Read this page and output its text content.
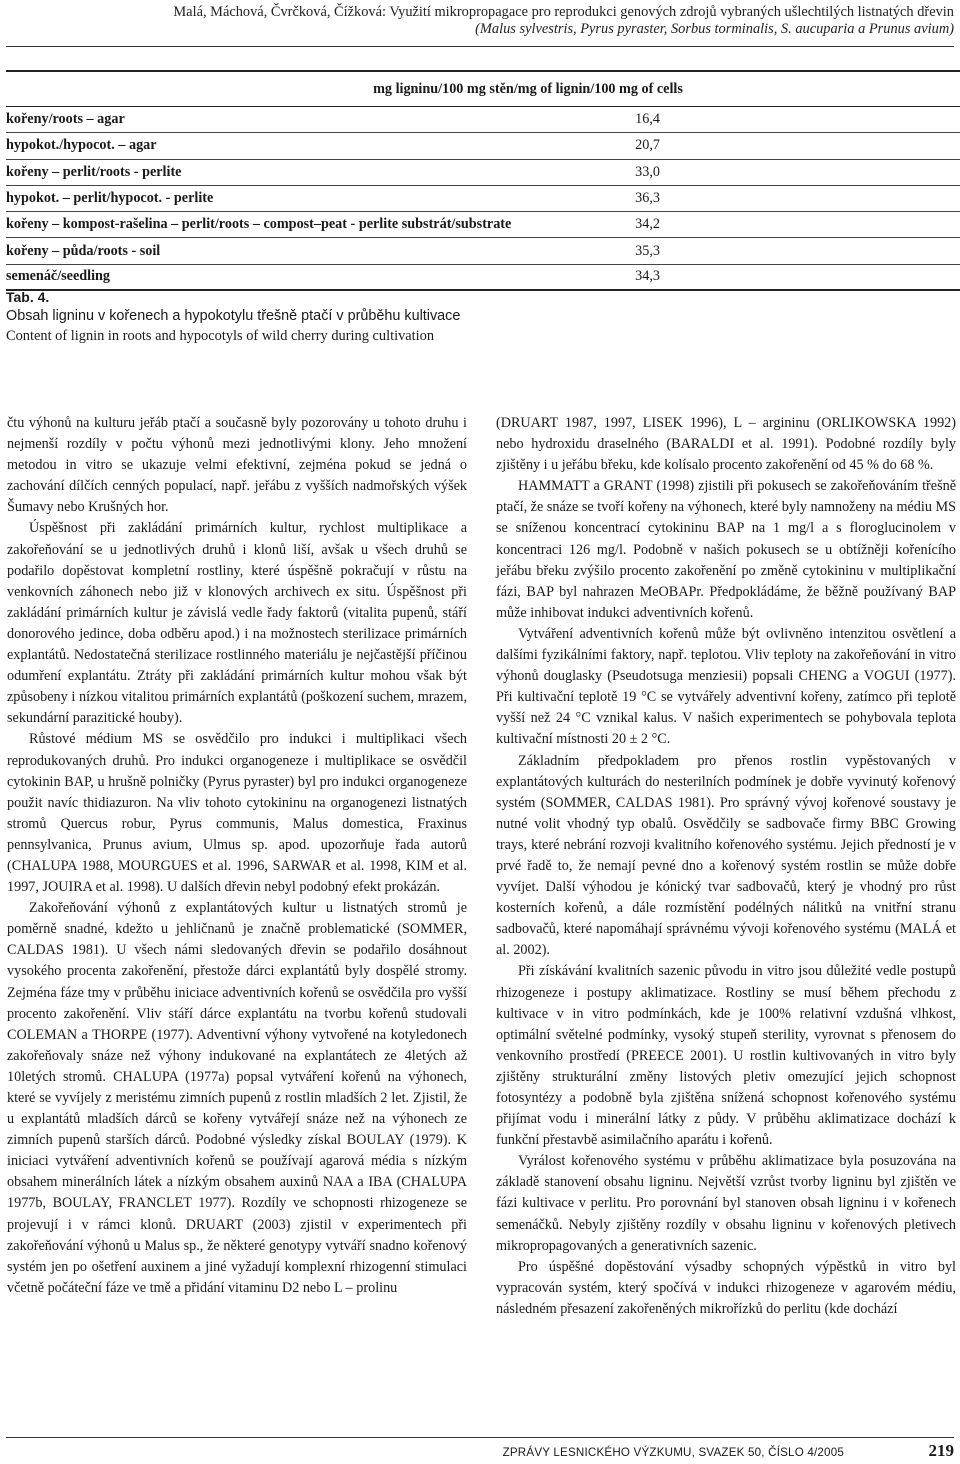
Malá, Máchová, Čvrčková, Čížková: Využití mikropropagace pro reprodukci genových zdrojů vybraných ušlechtilých listnatých dřevin
(Malus sylvestris, Pyrus pyraster, Sorbus torminalis, S. aucuparia a Prunus avium)
mg ligninu/100 mg stěn/mg of lignin/100 mg of cells
kořeny/roots – agar	16,4
hypokot./hypocot. – agar	20,7
kořeny – perlit/roots - perlite	33,0
hypokot. – perlit/hypocot. - perlite	36,3
kořeny – kompost-rašelina – perlit/roots – compost–peat - perlite substrát/substrate	34,2
kořeny – půda/roots - soil	35,3
semenáč/seedling	34,3
Tab. 4.
Obsah ligninu v kořenech a hypokotylu třešně ptačí v průběhu kultivace
Content of lignin in roots and hypocotyls of wild cherry during cultivation

čtu výhonů na kulturu jeřáb ptačí a současně byly pozorovány u tohoto druhu i nejmenší rozdíly v počtu výhonů mezi jednotlivými klony. Jeho množení metodou in vitro se ukazuje velmi efektivní, zejména pokud se jedná o zachování dílčích cenných populací, např. jeřábu z vyšších nadmořských výšek Šumavy nebo Krušných hor.

Úspěšnost při zakládání primárních kultur, rychlost multiplikace a zakořeňování se u jednotlivých druhů i klonů liší, avšak u všech druhů se podařilo dopěstovat kompletní rostliny, které úspěšně pokračují v růstu na venkovních záhonech nebo již v klonových archivech ex situ. Úspěšnost při zakládání primárních kultur je závislá vedle řady faktorů (vitalita pupenů, stáří donorového jedince, doba odběru apod.) i na možnostech sterilizace primárních explantátů. Nedostatečná sterilizace rostlinného materiálu je nejčastější příčinou odumření explantátu. Ztráty při zakládání primárních kultur mohou však být způsobeny i nízkou vitalitou primárních explantátů (poškození suchem, mrazem, sekundární parazitické houby).

Růstové médium MS se osvědčilo pro indukci i multiplikaci všech reprodukovaných druhů. Pro indukci organogeneze i multiplikace se osvědčil cytokinin BAP, u hrušně polničky (Pyrus pyraster) byl pro indukci organogeneze použit navíc thidiazuron. Na vliv tohoto cytokininu na organogenezi listnatých stromů Quercus robur, Pyrus communis, Malus domestica, Fraxinus pennsylvanica, Prunus avium, Ulmus sp. apod. upozorňuje řada autorů (CHALUPA 1988, MOURGUES et al. 1996, SARWAR et al. 1998, KIM et al. 1997, JOUIRA et al. 1998). U dalších dřevin nebyl podobný efekt prokázán.

Zakořeňování výhonů z explantátových kultur u listnatých stromů je poměrně snadné, kdežto u jehličnanů je značně problematické (SOMMER, CALDAS 1981). U všech námi sledovaných dřevin se podařilo dosáhnout vysokého procenta zakořenění, přestože dárci explantátů byly dospělé stromy. Zejména fáze tmy v průběhu iniciace adventivních kořenů se osvědčila pro vyšší procento zakořenění. Vliv stáří dárce explantátu na tvorbu kořenů studovali COLEMAN a THORPE (1977). Adventivní výhony vytvořené na kotyledonech zakořeňovaly snáze než výhony indukované na explantátech ze 4letých až 10letých stromů. CHALUPA (1977a) popsal vytváření kořenů na výhonech, které se vyvíjely z meristému zimních pupenů z rostlin mladších 2 let. Zjistil, že u explantátů mladších dárců se kořeny vytvářejí snáze než na výhonech ze zimních pupenů starších dárců. Podobné výsledky získal BOULAY (1979). K iniciaci vytváření adventivních kořenů se používají agarová média s nízkým obsahem minerálních látek a nízkým obsahem auxinů NAA a IBA (CHALUPA 1977b, BOULAY, FRANCLET 1977). Rozdíly ve schopnosti rhizogeneze se projevují i v rámci klonů. DRUART (2003) zjistil v experimentech při zakořeňování výhonů u Malus sp., že některé genotypy vytváří snadno kořenový systém jen po ošetření auxinem a jiné vyžadují komplexní rhizogenní stimulaci včetně počáteční fáze ve tmě a přidání vitaminu D2 nebo L – prolinu

(DRUART 1987, 1997, LISEK 1996), L – argininu (ORLIKOWSKA 1992) nebo hydroxidu draselného (BARALDI et al. 1991). Podobné rozdíly byly zjištěny i u jeřábu břeku, kde kolísalo procento zakořenění od 45 % do 68 %.

HAMMATT a GRANT (1998) zjistili při pokusech se zakořeňováním třešně ptačí, že snáze se tvoří kořeny na výhonech, které byly namnoženy na médiu MS se sníženou koncentrací cytokininu BAP na 1 mg/l a s floroglucinolem v koncentraci 126 mg/l. Podobně v našich pokusech se u obtížněji kořenícího jeřábu břeku zvýšilo procento zakořenění po změně cytokininu v multiplikační fázi, BAP byl nahrazen MeOBAPr. Předpokládáme, že běžně používaný BAP může inhibovat indukci adventivních kořenů.

Vytváření adventivních kořenů může být ovlivněno intenzitou osvětlení a dalšími fyzikálními faktory, např. teplotou. Vliv teploty na zakořeňování in vitro výhonů douglasky (Pseudotsuga menziesii) popsali CHENG a VOGUI (1977). Při kultivační teplotě 19 °C se vytvářely adventivní kořeny, zatímco při teplotě vyšší než 24 °C vznikal kalus. V našich experimentech se pohybovala teplota kultivační místnosti 20 ± 2 °C.

Základním předpokladem pro přenos rostlin vypěstovaných v explantátových kulturách do nesterilních podmínek je dobře vyvinutý kořenový systém (SOMMER, CALDAS 1981). Pro správný vývoj kořenové soustavy je nutné volit vhodný typ obalů. Osvědčily se sadbovače firmy BBC Growing trays, které nebrání rozvoji kvalitního kořenového systému. Jejich předností je v prvé řadě to, že nemají pevné dno a kořenový systém rostlin se může dobře vyvíjet. Další výhodou je kónický tvar sadbovačů, který je vhodný pro růst kosterních kořenů, a dále rozmístění podélných nálitků na vnitřní stranu sadbovačů, které napomáhají správnému vývoji kořenového systému (MALÁ et al. 2002).

Při získávání kvalitních sazenic původu in vitro jsou důležité vedle postupů rhizogeneze i postupy aklimatizace. Rostliny se musí během přechodu z kultivace v in vitro podmínkách, kde je 100% relativní vzdušná vlhkost, optimální světelné podmínky, vysoký stupeň sterility, vyrovnat s přenosem do venkovního prostředí (PREECE 2001). U rostlin kultivovaných in vitro byly zjištěny strukturální změny listových pletiv omezující jejich schopnost fotosyntézy a podobně byla zjištěna snížená schopnost kořenového systému přijímat vodu i minerální látky z půdy. V průběhu aklimatizace dochází k funkční přestavbě asimilačního aparátu i kořenů.

Vyrálost kořenového systému v průběhu aklimatizace byla posuzována na základě stanovení obsahu ligninu. Největší vzrůst tvorby ligninu byl zjištěn ve fázi kultivace v perlitu. Pro porovnání byl stanoven obsah ligninu i v kořenech semenáčků. Nebyly zjištěny rozdíly v obsahu ligninu v kořenových pletivech mikropropagovaných a generativních sazenic.

Pro úspěšné dopěstování výsadby schopných výpěstků in vitro byl vypracován systém, který spočívá v indukci rhizogeneze v agarovém médiu, následném přesazení zakořeněných mikrořízků do perlitu (kde dochází

ZPRÁVY LESNICKÉHO VÝZKUMU, SVAZEK 50, ČÍSLO 4/2005	219
